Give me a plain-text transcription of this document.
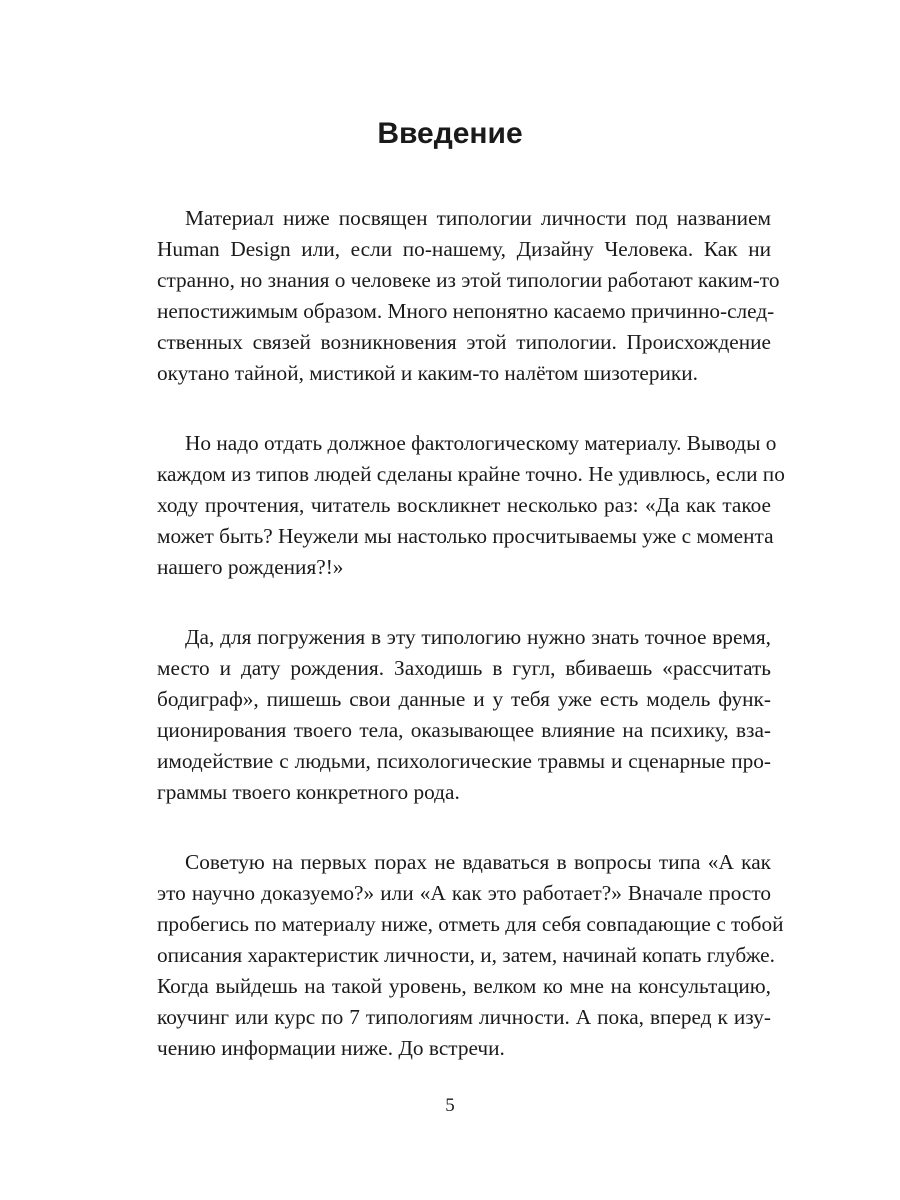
Введение

Материал ниже посвящен типологии личности под названием
Human Design или, если по-нашему, Дизайну Человека. Как ни
странно, но знания о человеке из этой типологии работают каким-то
непостижимым образом. Много непонятно касаемо причинно-след-
ственных связей возникновения этой типологии. Происхождение
окутано тайной, мистикой и каким-то налётом шизотерики.

Но надо отдать должное фактологическому материалу. Выводы о
каждом из типов людей сделаны крайне точно. Не удивлюсь, если по
ходу прочтения, читатель воскликнет несколько раз: «Да как такое
может быть? Неужели мы настолько просчитываемы уже с момента
нашего рождения?!»

Да, для погружения в эту типологию нужно знать точное время,
место и дату рождения. Заходишь в гугл, вбиваешь «рассчитать
бодиграф», пишешь свои данные и у тебя уже есть модель функ-
ционирования твоего тела, оказывающее влияние на психику, вза-
имодействие с людьми, психологические травмы и сценарные про-
граммы твоего конкретного рода.

Советую на первых порах не вдаваться в вопросы типа «А как
это научно доказуемо?» или «А как это работает?» Вначале просто
пробегись по материалу ниже, отметь для себя совпадающие с тобой
описания характеристик личности, и, затем, начинай копать глубже.
Когда выйдешь на такой уровень, велком ко мне на консультацию,
коучинг или курс по 7 типологиям личности. А пока, вперед к изу-
чению информации ниже. До встречи.

5
